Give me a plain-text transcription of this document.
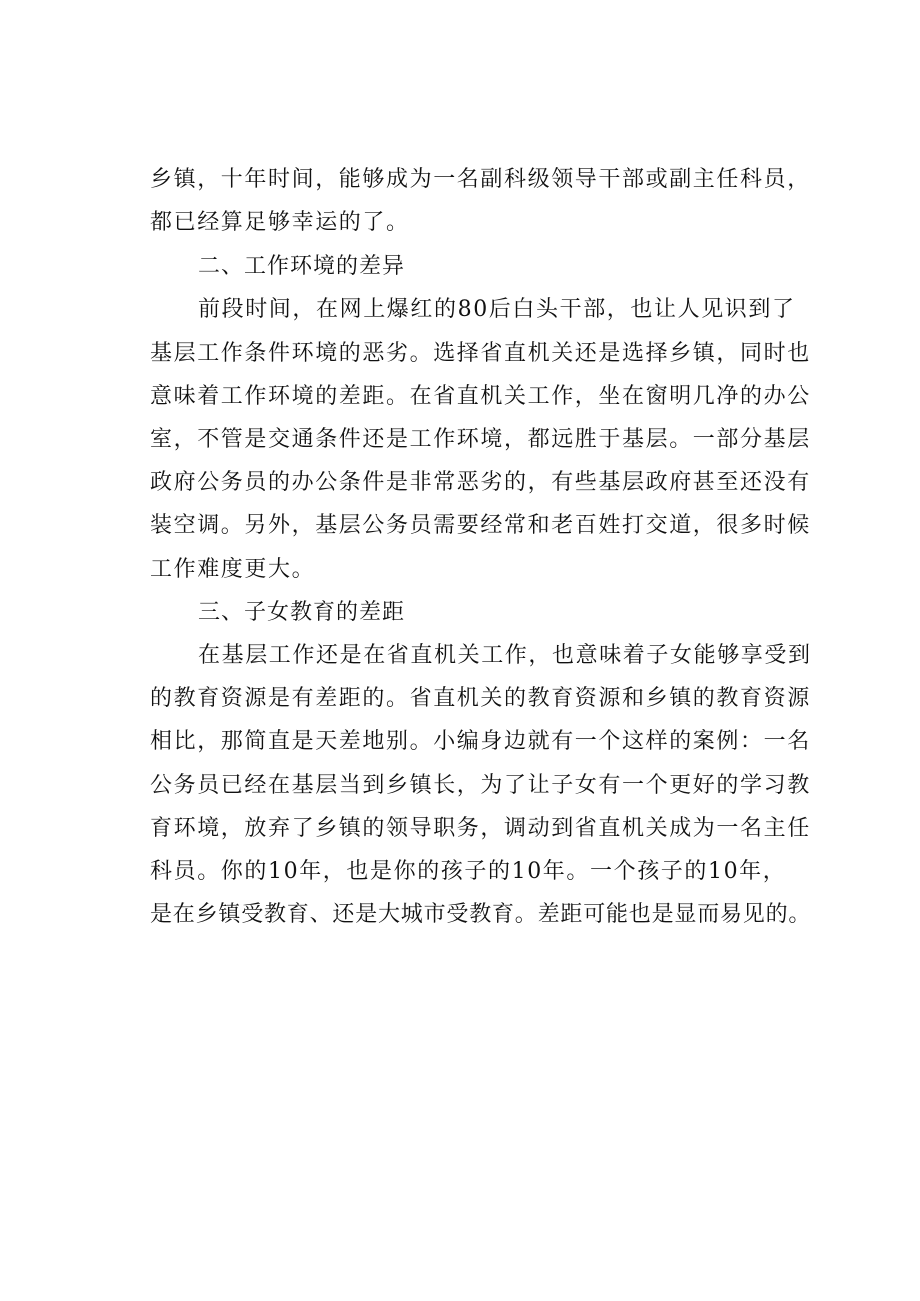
乡镇，十年时间，能够成为一名副科级领导干部或副主任科员，
都已经算足够幸运的了。
二、工作环境的差异
前段时间，在网上爆红的80后白头干部，也让人见识到了
基层工作条件环境的恶劣。选择省直机关还是选择乡镇，同时也
意味着工作环境的差距。在省直机关工作，坐在窗明几净的办公
室，不管是交通条件还是工作环境，都远胜于基层。一部分基层
政府公务员的办公条件是非常恶劣的，有些基层政府甚至还没有
装空调。另外，基层公务员需要经常和老百姓打交道，很多时候
工作难度更大。
三、子女教育的差距
在基层工作还是在省直机关工作，也意味着子女能够享受到
的教育资源是有差距的。省直机关的教育资源和乡镇的教育资源
相比，那简直是天差地别。小编身边就有一个这样的案例：一名
公务员已经在基层当到乡镇长，为了让子女有一个更好的学习教
育环境，放弃了乡镇的领导职务，调动到省直机关成为一名主任
科员。你的10年，也是你的孩子的10年。一个孩子的10年，
是在乡镇受教育、还是大城市受教育。差距可能也是显而易见的。
